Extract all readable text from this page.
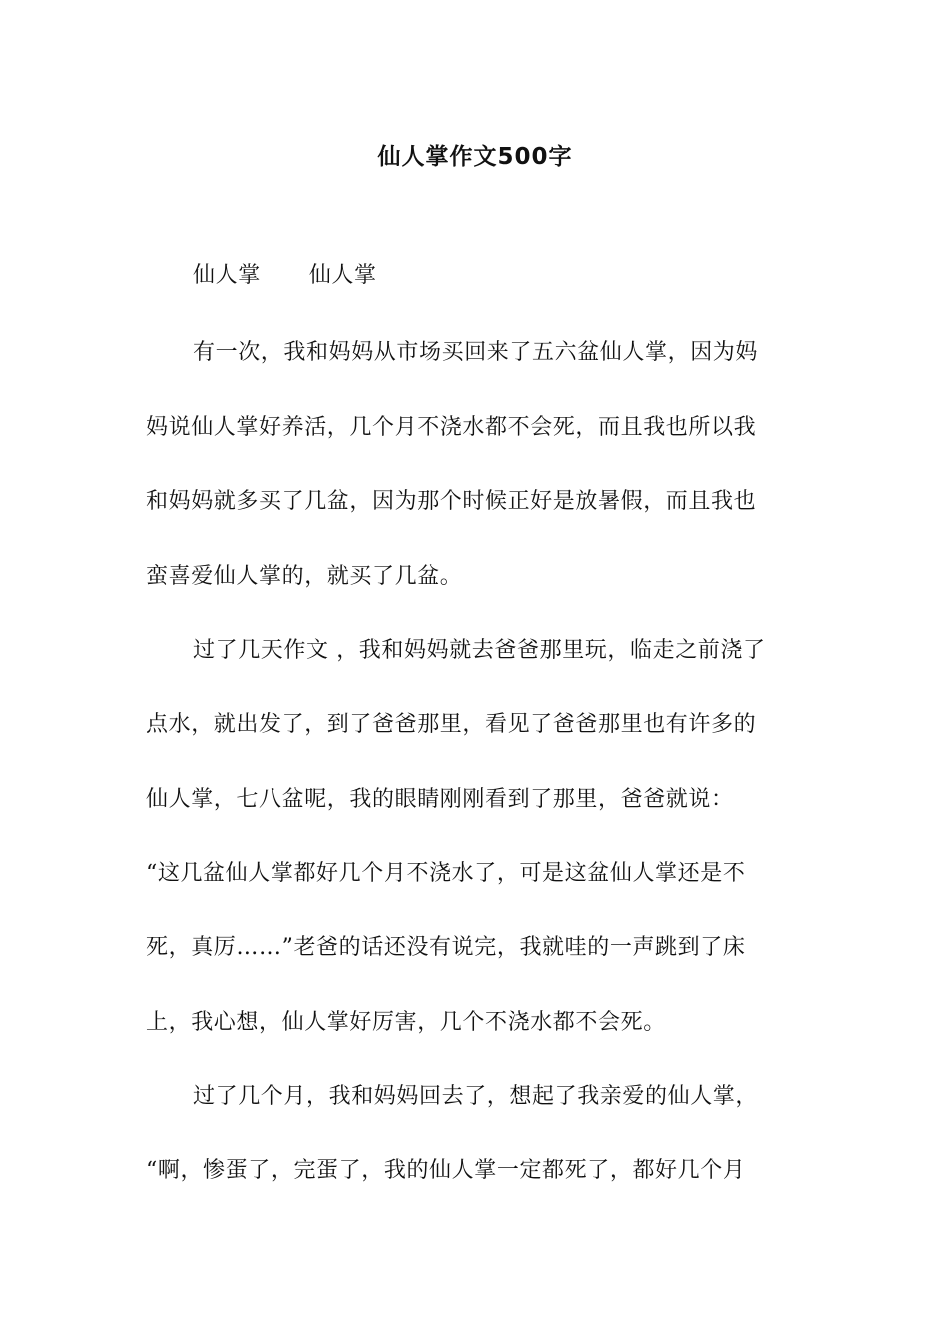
仙人掌作文500字
仙人掌 仙人掌
有一次，我和妈妈从市场买回来了五六盆仙人掌，因为妈
妈说仙人掌好养活，几个月不浇水都不会死，而且我也所以我
和妈妈就多买了几盆，因为那个时候正好是放暑假，而且我也
蛮喜爱仙人掌的，就买了几盆。
过了几天作文 ，我和妈妈就去爸爸那里玩，临走之前浇了
点水，就出发了，到了爸爸那里，看见了爸爸那里也有许多的
仙人掌，七八盆呢，我的眼睛刚刚看到了那里，爸爸就说：
“这几盆仙人掌都好几个月不浇水了，可是这盆仙人掌还是不
死，真厉……”老爸的话还没有说完，我就哇的一声跳到了床
上，我心想，仙人掌好厉害，几个不浇水都不会死。
过了几个月，我和妈妈回去了，想起了我亲爱的仙人掌，
“啊，惨蛋了，完蛋了，我的仙人掌一定都死了，都好几个月
